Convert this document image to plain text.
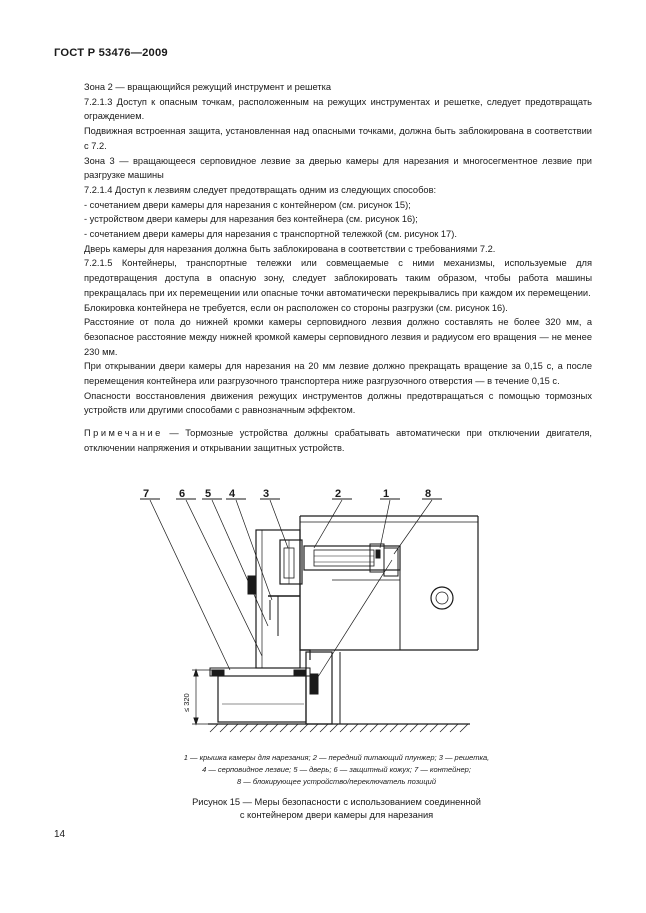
ГОСТ Р 53476—2009

Зона 2 — вращающийся режущий инструмент и решетка

7.2.1.3 Доступ к опасным точкам, расположенным на режущих инструментах и решетке, следует предотвращать ограждением.

Подвижная встроенная защита, установленная над опасными точками, должна быть заблокирована в соответствии с 7.2.

Зона 3 — вращающееся серповидное лезвие за дверью камеры для нарезания и многосегментное лезвие при разгрузке машины

7.2.1.4 Доступ к лезвиям следует предотвращать одним из следующих способов:

- сочетанием двери камеры для нарезания с контейнером (см. рисунок 15);

- устройством двери камеры для нарезания без контейнера (см. рисунок 16);

- сочетанием двери камеры для нарезания с транспортной тележкой (см. рисунок 17).

Дверь камеры для нарезания должна быть заблокирована в соответствии с требованиями 7.2.

7.2.1.5 Контейнеры, транспортные тележки или совмещаемые с ними механизмы, используемые для предотвращения доступа в опасную зону, следует заблокировать таким образом, чтобы работа машины прекращалась при их перемещении или опасные точки автоматически перекрывались при каждом их перемещении.

Блокировка контейнера не требуется, если он расположен со стороны разгрузки (см. рисунок 16).

Расстояние от пола до нижней кромки камеры серповидного лезвия должно составлять не более 320 мм, а безопасное расстояние между нижней кромкой камеры серповидного лезвия и радиусом его вращения — не менее 230 мм.

При открывании двери камеры для нарезания на 20 мм лезвие должно прекращать вращение за 0,15 с, а после перемещения контейнера или разгрузочного транспортера ниже разгрузочного отверстия — в течение 0,15 с.

Опасности восстановления движения режущих инструментов должны предотвращаться с помощью тормозных устройств или другими способами с равнозначным эффектом.

Примечание — Тормозные устройства должны срабатывать автоматически при отключении двигателя, отключении напряжения и открывании защитных устройств.

7	6 5 4	3	2	1	8
≤ 320
1 — крышка камеры для нарезания; 2 — передний питающий плунжер; 3 — решетка,
4 — серповидное лезвие; 5 — дверь; 6 — защитный кожух; 7 — контейнер;
8 — блокирующее устройство/переключатель позиций
Рисунок 15 — Меры безопасности с использованием соединенной
с контейнером двери камеры для нарезания
14
